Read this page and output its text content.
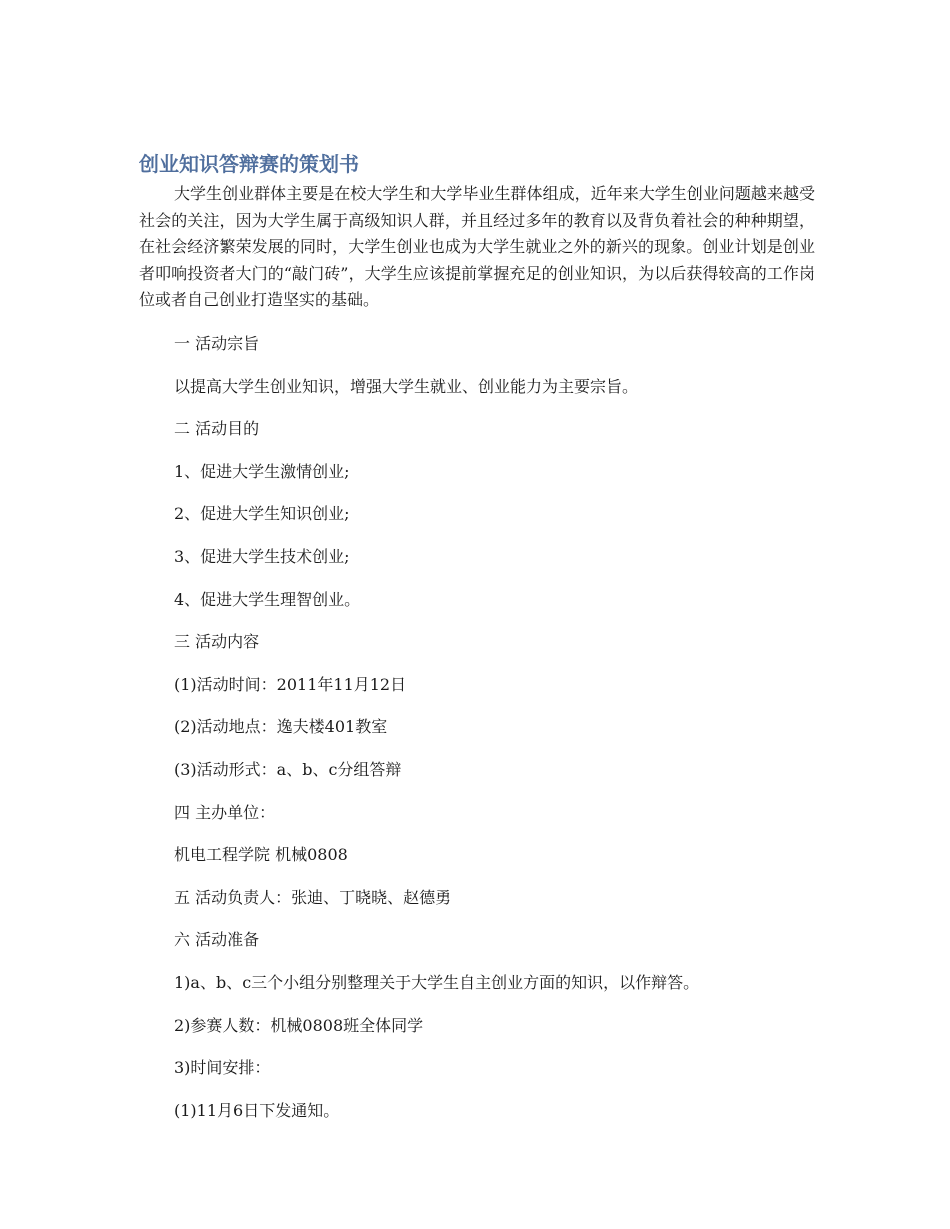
创业知识答辩赛的策划书

大学生创业群体主要是在校大学生和大学毕业生群体组成，近年来大学生创业问题越来越受社会的关注，因为大学生属于高级知识人群，并且经过多年的教育以及背负着社会的种种期望，在社会经济繁荣发展的同时，大学生创业也成为大学生就业之外的新兴的现象。创业计划是创业者叩响投资者大门的“敲门砖”，大学生应该提前掌握充足的创业知识，为以后获得较高的工作岗位或者自己创业打造坚实的基础。

一 活动宗旨
以提高大学生创业知识，增强大学生就业、创业能力为主要宗旨。
二 活动目的
1、促进大学生激情创业;
2、促进大学生知识创业;
3、促进大学生技术创业;
4、促进大学生理智创业。
三 活动内容
(1)活动时间：2011年11月12日
(2)活动地点：逸夫楼401教室
(3)活动形式：a、b、c分组答辩
四 主办单位：
机电工程学院 机械0808
五 活动负责人：张迪、丁晓晓、赵德勇
六 活动准备
1)a、b、c三个小组分别整理关于大学生自主创业方面的知识，以作辩答。
2)参赛人数：机械0808班全体同学
3)时间安排：
(1)11月6日下发通知。
